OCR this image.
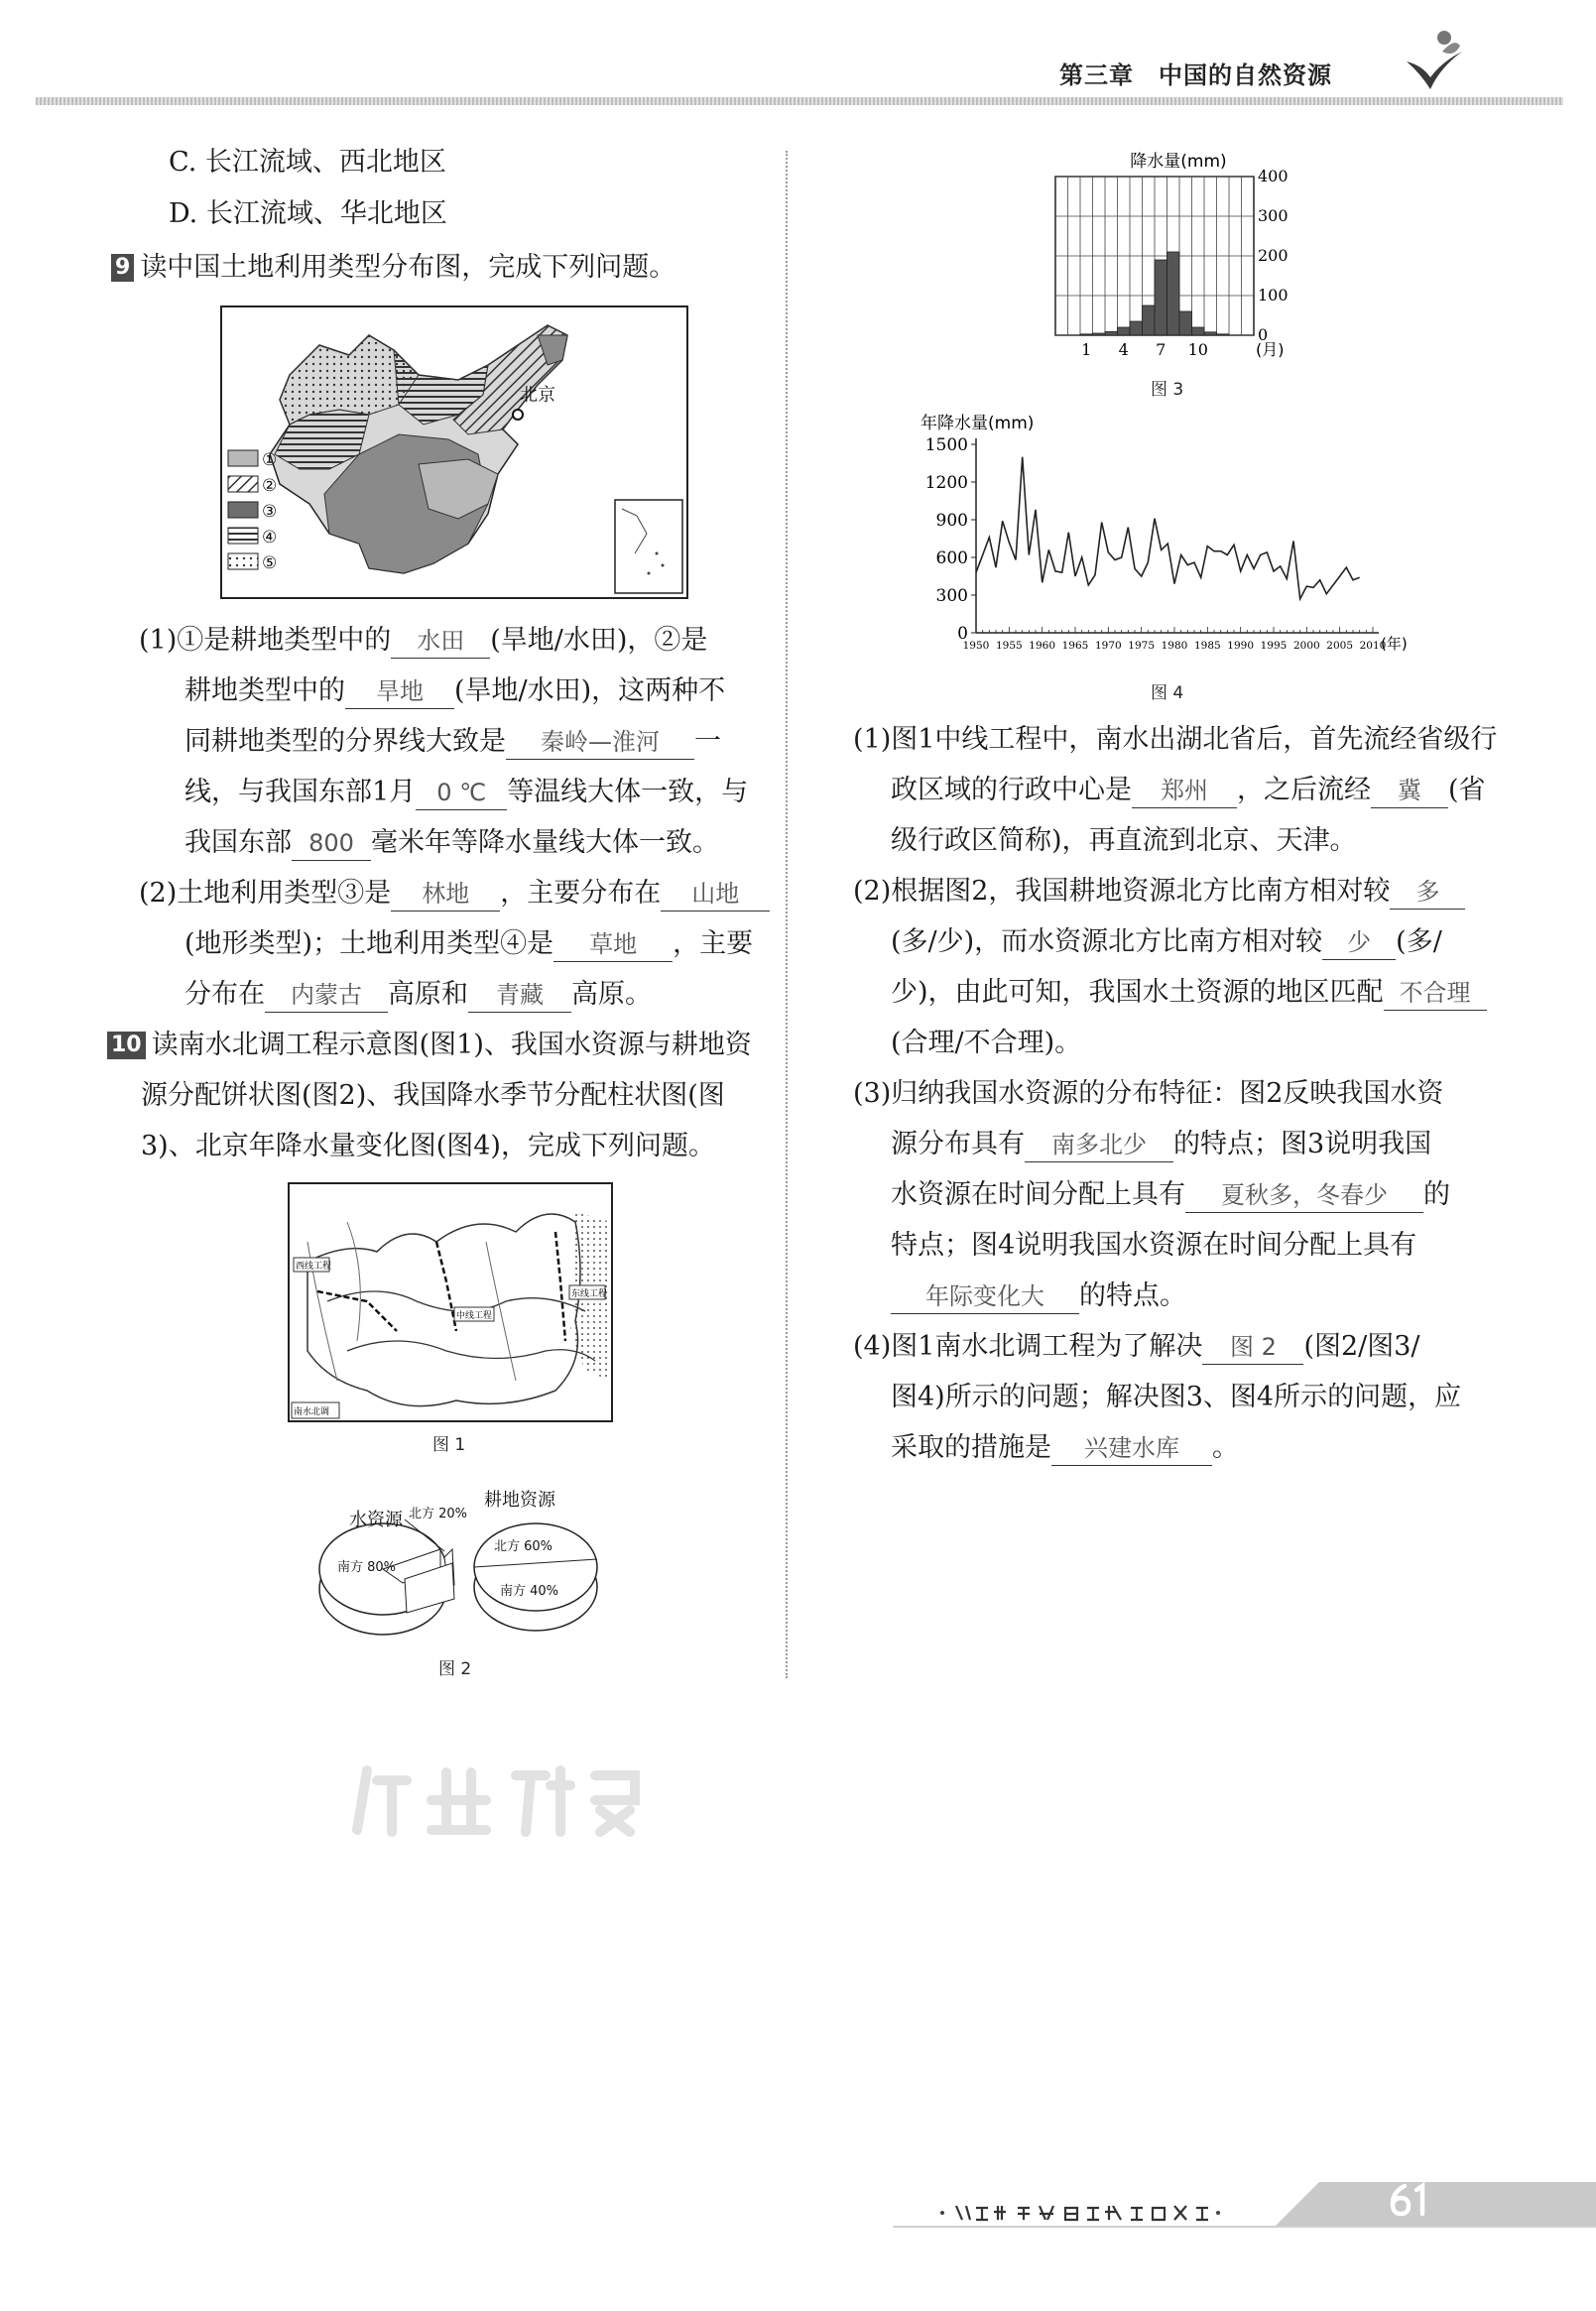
第三章　中国的自然资源
C. 长江流域、西北地区
D. 长江流域、华北地区
9 读中国土地利用类型分布图，完成下列问题。
北京
①
②
③
④
⑤
(1)①是耕地类型中的 水田 (旱地/水田)，②是
耕地类型中的 旱地 (旱地/水田)，这两种不
同耕地类型的分界线大致是 秦岭—淮河 一
线，与我国东部1月 0 ℃ 等温线大体一致，与
我国东部 800 毫米年等降水量线大体一致。
(2)土地利用类型③是 林地 ，主要分布在 山地
(地形类型)；土地利用类型④是 草地 ，主要
分布在 内蒙古 高原和 青藏 高原。
10 读南水北调工程示意图(图1)、我国水资源与耕地资
源分配饼状图(图2)、我国降水季节分配柱状图(图
3)、北京年降水量变化图(图4)，完成下列问题。
西线工程
中线工程
东线工程
南水北调
图 1
水资源 北方 20%
南方 80%
耕地资源
北方 60%
南方 40%
图 2
降水量(mm)
0
100
200
300
400
1 4 7 10	(月)
图 3
年降水量(mm)
0
300
600
900
1200
1500
1950 1955 1960 1965 1970 1975 1980 1985 1990 1995 2000 2005 2010
(年)
图 4
(1)图1中线工程中，南水出湖北省后，首先流经省级行
政区域的行政中心是 郑州 ，之后流经 冀 (省
级行政区简称)，再直流到北京、天津。
(2)根据图2，我国耕地资源北方比南方相对较 多
(多/少)，而水资源北方比南方相对较 少 (多/
少)，由此可知，我国水土资源的地区匹配 不合理
(合理/不合理)。
(3)归纳我国水资源的分布特征：图2反映我国水资
源分布具有 南多北少 的特点；图3说明我国
水资源在时间分配上具有 夏秋多，冬春少 的
特点；图4说明我国水资源在时间分配上具有
年际变化大 的特点。
(4)图1南水北调工程为了解决 图 2 (图2/图3/
图4)所示的问题；解决图3、图4所示的问题，应
采取的措施是 兴建水库 。
